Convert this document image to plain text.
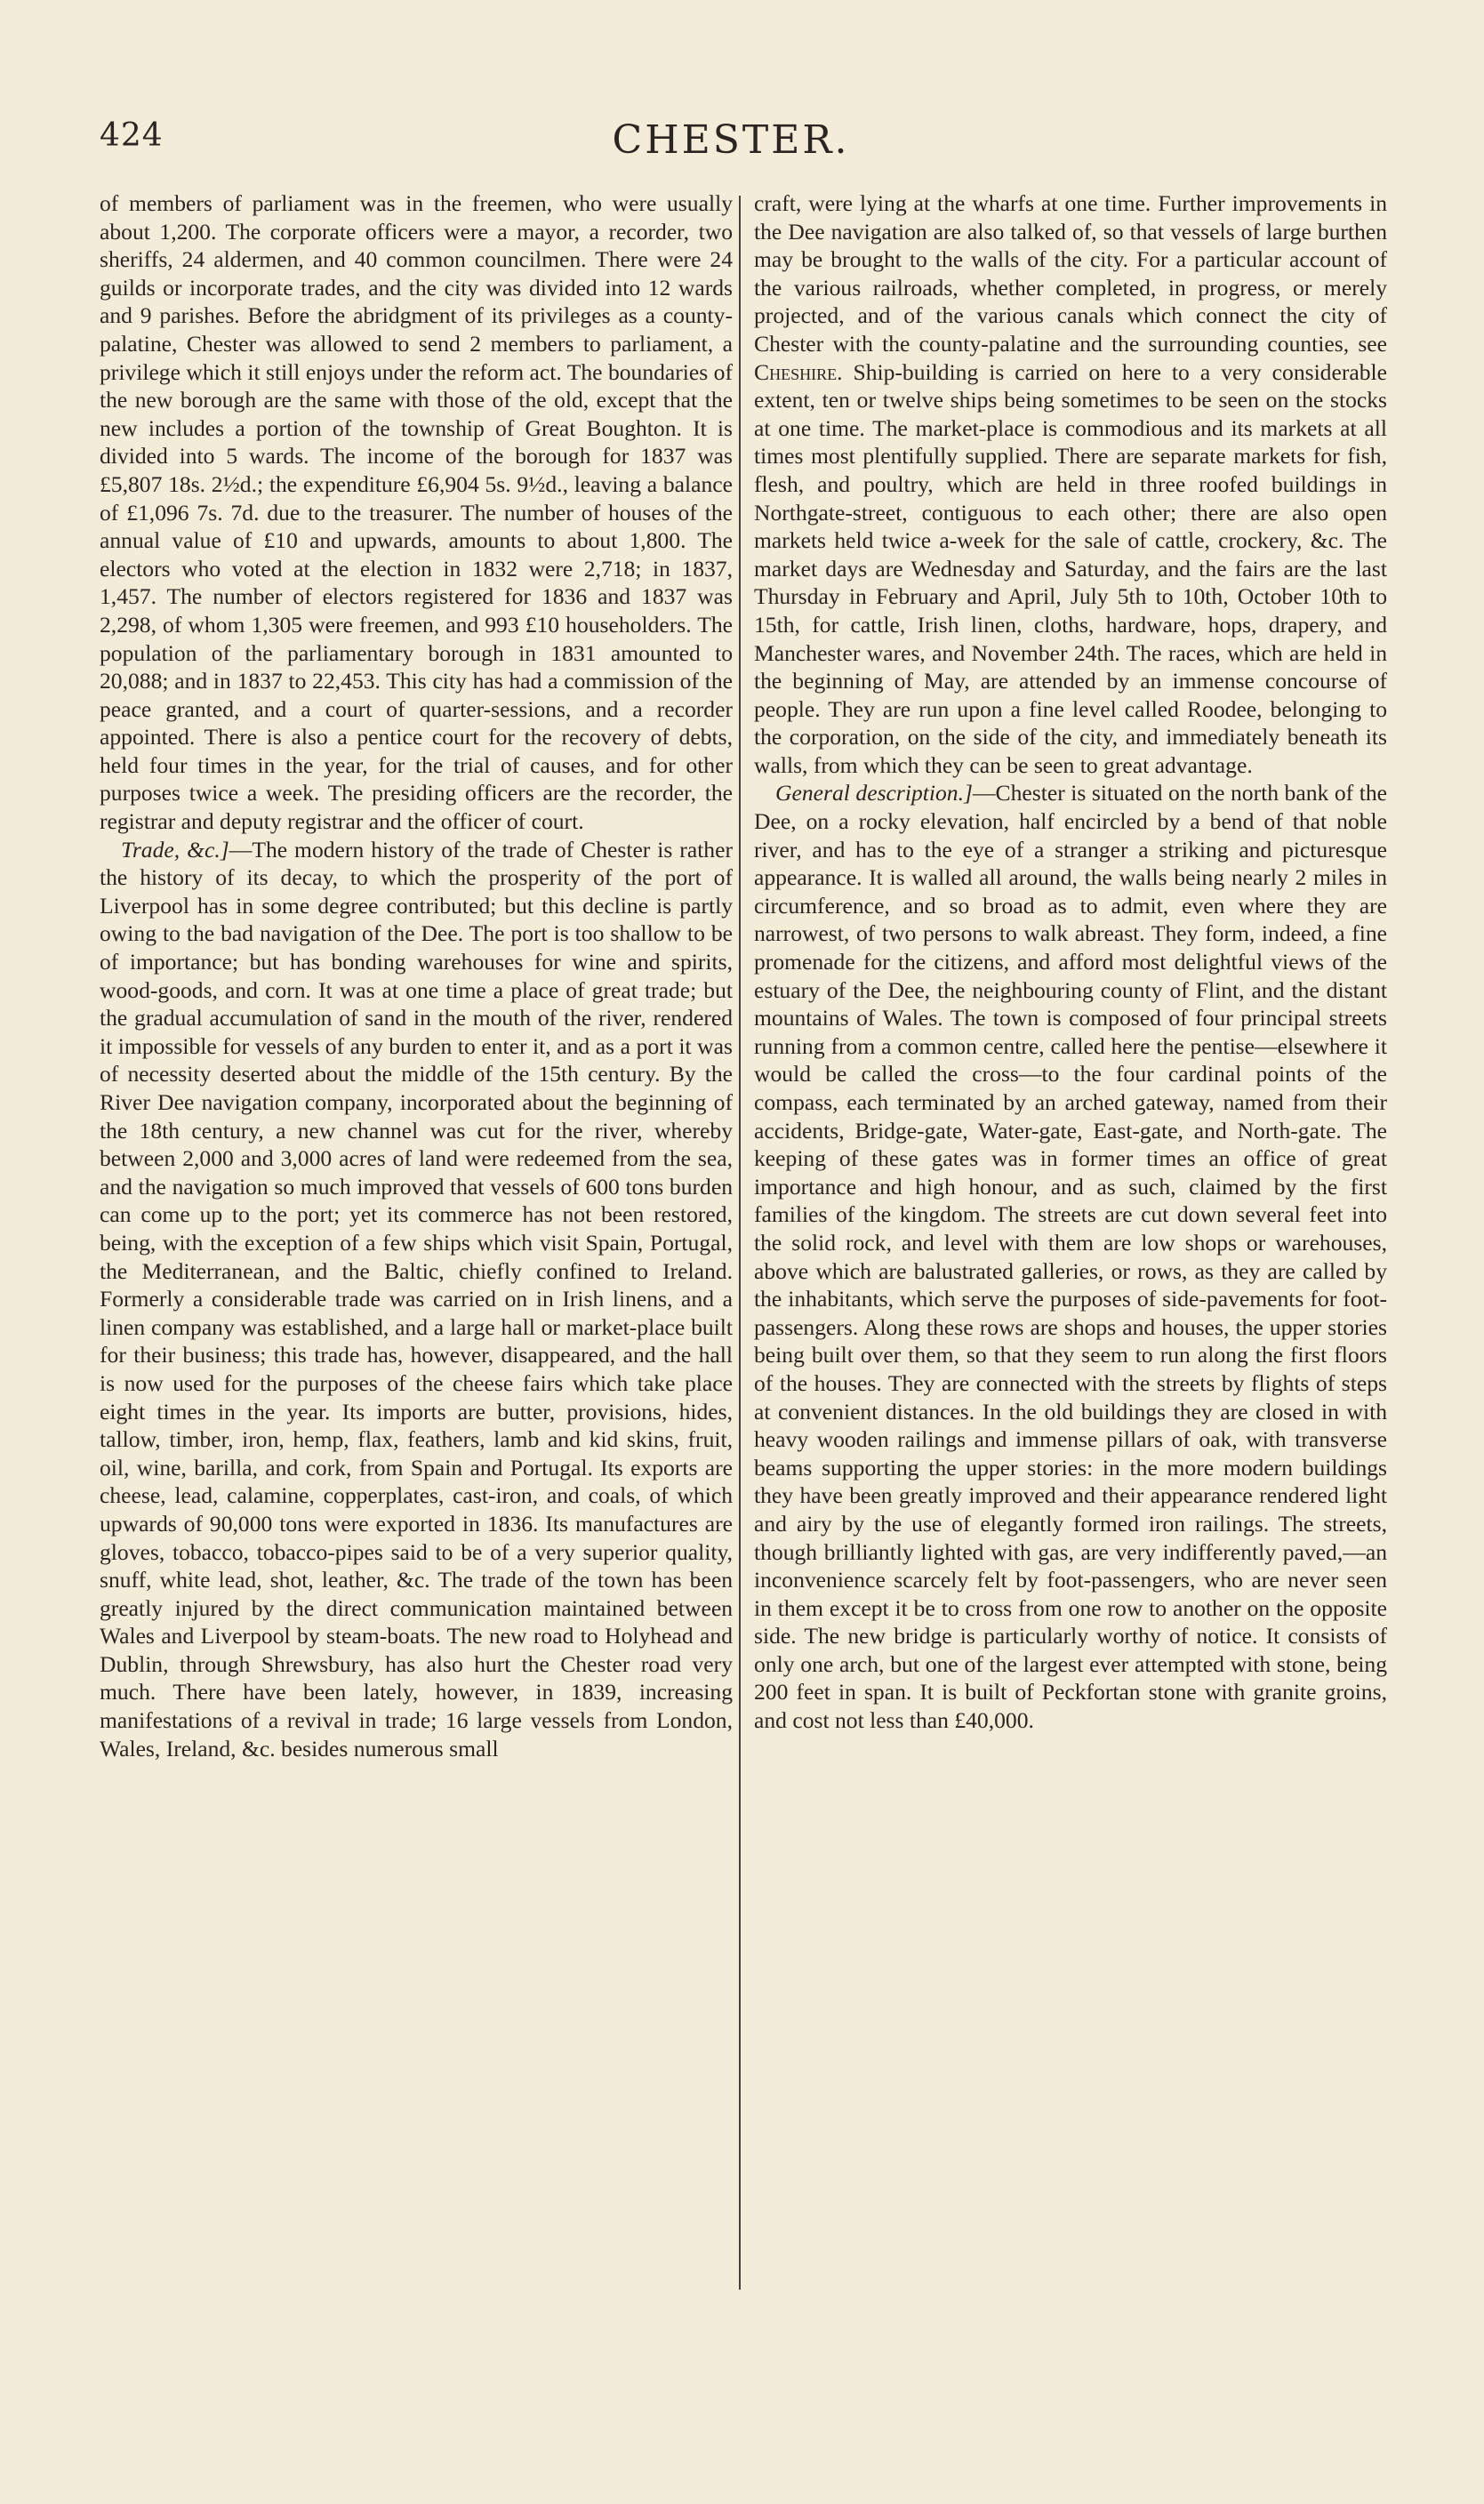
424	CHESTER.

of members of parliament was in the freemen, who were usually about 1,200. The corporate officers were a mayor, a recorder, two sheriffs, 24 aldermen, and 40 common councilmen. There were 24 guilds or incorporate trades, and the city was divided into 12 wards and 9 parishes. Before the abridgment of its privileges as a county-palatine, Chester was allowed to send 2 members to parliament, a privilege which it still enjoys under the reform act. The boundaries of the new borough are the same with those of the old, except that the new includes a portion of the township of Great Boughton. It is divided into 5 wards. The income of the borough for 1837 was £5,807 18s. 2½d.; the expenditure £6,904 5s. 9½d., leaving a balance of £1,096 7s. 7d. due to the treasurer. The number of houses of the annual value of £10 and upwards, amounts to about 1,800. The electors who voted at the election in 1832 were 2,718; in 1837, 1,457. The number of electors registered for 1836 and 1837 was 2,298, of whom 1,305 were freemen, and 993 £10 householders. The population of the parliamentary borough in 1831 amounted to 20,088; and in 1837 to 22,453. This city has had a commission of the peace granted, and a court of quarter-sessions, and a recorder appointed. There is also a pentice court for the recovery of debts, held four times in the year, for the trial of causes, and for other purposes twice a week. The presiding officers are the recorder, the registrar and deputy registrar and the officer of court.

Trade, &c.]—The modern history of the trade of Chester is rather the history of its decay, to which the prosperity of the port of Liverpool has in some degree contributed; but this decline is partly owing to the bad navigation of the Dee. The port is too shallow to be of importance; but has bonding warehouses for wine and spirits, wood-goods, and corn. It was at one time a place of great trade; but the gradual accumulation of sand in the mouth of the river, rendered it impossible for vessels of any burden to enter it, and as a port it was of necessity deserted about the middle of the 15th century. By the River Dee navigation company, incorporated about the beginning of the 18th century, a new channel was cut for the river, whereby between 2,000 and 3,000 acres of land were redeemed from the sea, and the navigation so much improved that vessels of 600 tons burden can come up to the port; yet its commerce has not been restored, being, with the exception of a few ships which visit Spain, Portugal, the Mediterranean, and the Baltic, chiefly confined to Ireland. Formerly a considerable trade was carried on in Irish linens, and a linen company was established, and a large hall or market-place built for their business; this trade has, however, disappeared, and the hall is now used for the purposes of the cheese fairs which take place eight times in the year. Its imports are butter, provisions, hides, tallow, timber, iron, hemp, flax, feathers, lamb and kid skins, fruit, oil, wine, barilla, and cork, from Spain and Portugal. Its exports are cheese, lead, calamine, copperplates, cast-iron, and coals, of which upwards of 90,000 tons were exported in 1836. Its manufactures are gloves, tobacco, tobacco-pipes said to be of a very superior quality, snuff, white lead, shot, leather, &c. The trade of the town has been greatly injured by the direct communication maintained between Wales and Liverpool by steam-boats. The new road to Holyhead and Dublin, through Shrewsbury, has also hurt the Chester road very much. There have been lately, however, in 1839, increasing manifestations of a revival in trade; 16 large vessels from London, Wales, Ireland, &c. besides numerous small

craft, were lying at the wharfs at one time. Further improvements in the Dee navigation are also talked of, so that vessels of large burthen may be brought to the walls of the city. For a particular account of the various railroads, whether completed, in progress, or merely projected, and of the various canals which connect the city of Chester with the county-palatine and the surrounding counties, see Cheshire. Ship-building is carried on here to a very considerable extent, ten or twelve ships being sometimes to be seen on the stocks at one time. The market-place is commodious and its markets at all times most plentifully supplied. There are separate markets for fish, flesh, and poultry, which are held in three roofed buildings in Northgate-street, contiguous to each other; there are also open markets held twice a-week for the sale of cattle, crockery, &c. The market days are Wednesday and Saturday, and the fairs are the last Thursday in February and April, July 5th to 10th, October 10th to 15th, for cattle, Irish linen, cloths, hardware, hops, drapery, and Manchester wares, and November 24th. The races, which are held in the beginning of May, are attended by an immense concourse of people. They are run upon a fine level called Roodee, belonging to the corporation, on the side of the city, and immediately beneath its walls, from which they can be seen to great advantage.

General description.]—Chester is situated on the north bank of the Dee, on a rocky elevation, half encircled by a bend of that noble river, and has to the eye of a stranger a striking and picturesque appearance. It is walled all around, the walls being nearly 2 miles in circumference, and so broad as to admit, even where they are narrowest, of two persons to walk abreast. They form, indeed, a fine promenade for the citizens, and afford most delightful views of the estuary of the Dee, the neighbouring county of Flint, and the distant mountains of Wales. The town is composed of four principal streets running from a common centre, called here the pentise—elsewhere it would be called the cross—to the four cardinal points of the compass, each terminated by an arched gateway, named from their accidents, Bridge-gate, Water-gate, East-gate, and North-gate. The keeping of these gates was in former times an office of great importance and high honour, and as such, claimed by the first families of the kingdom. The streets are cut down several feet into the solid rock, and level with them are low shops or warehouses, above which are balustrated galleries, or rows, as they are called by the inhabitants, which serve the purposes of side-pavements for foot-passengers. Along these rows are shops and houses, the upper stories being built over them, so that they seem to run along the first floors of the houses. They are connected with the streets by flights of steps at convenient distances. In the old buildings they are closed in with heavy wooden railings and immense pillars of oak, with transverse beams supporting the upper stories: in the more modern buildings they have been greatly improved and their appearance rendered light and airy by the use of elegantly formed iron railings. The streets, though brilliantly lighted with gas, are very indifferently paved,—an inconvenience scarcely felt by foot-passengers, who are never seen in them except it be to cross from one row to another on the opposite side. The new bridge is particularly worthy of notice. It consists of only one arch, but one of the largest ever attempted with stone, being 200 feet in span. It is built of Peckfortan stone with granite groins, and cost not less than £40,000.
